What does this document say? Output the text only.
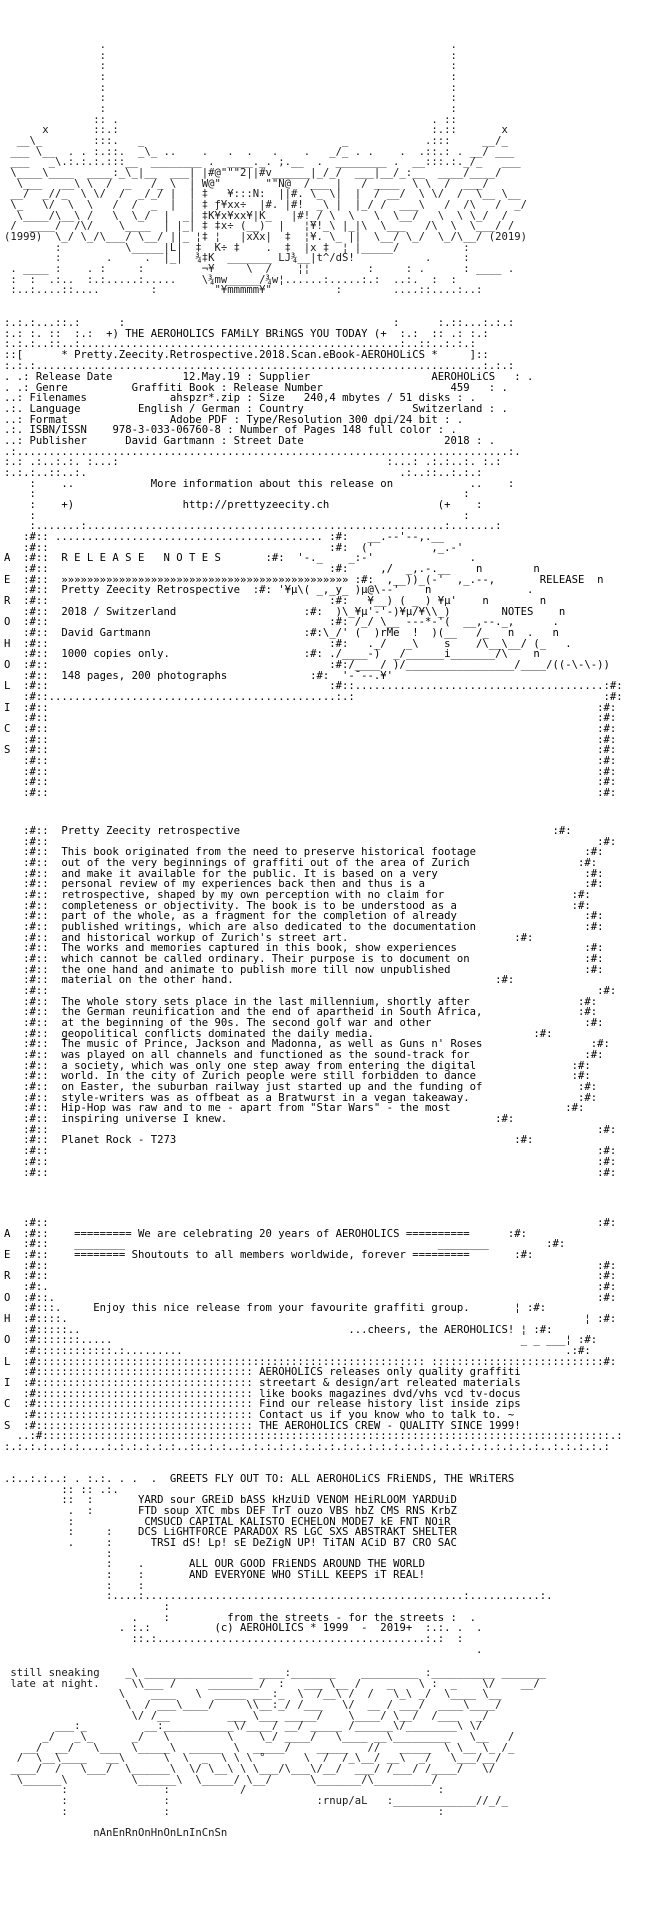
.                                                      .
:                                                      :
:                                                      :
:                                                      :
:                                                      :
:                                                      :
:                                                      :
:: .                                                 . ::
x       ::.:                                                 :.::       x
__\_        :::.   _                               _            .:::     __/_
___ \__  . . :.::.  _\_ ..    .   .  .   .    .   _/_ . .    .  .::.: . __/ ___
___   _\.:.:.:.:::__  ________ .  ____._. ;.__  .  ________ .  __:::.:._/_   ___
\____\____  ____:_\_|__  ___| |#@"""2||#v______|_/_/  ___|__/_:__  ____/____/
\___   __\ \  /  _   /_ \  | W@"       ""N@  /___ |   / ____  \ \  /  ___/
__/  _//_  \ \/  /  _/_/ |  | ‡   ¥:::N:  ||#. \_ \|  |  / __/  \ \/  /  \__ \__
\_   \/  \  \   /  /  _  |  | ‡ ƒ¥xx÷  |#. |#!  _\ |  |_/ /  ___\   /  /\   /  _/
\____/\__\ /   \  \_/  |  _| ‡K¥x¥xx¥|K_   |#!_/ \  \   \  \__/   \  \ \_/  /
/  ____/  /\/    \____  | |_| ‡ ‡x÷ (__)  |   ¦¥!_\ |_|\  \___   /\  \  \___/ /
(1999)  \_/ \_/\___/ \__/ ||_ ¦‡ ¦   |xXx|  ‡  ¦¥. \_ ||  \__/ \_/  \_/\__/ (2019)
:          \_____|L|  ‡  K÷ ‡    .  ‡  |x ‡  ¦ |_____/          :
:       .     .  |_|  ¾‡K  _______ LJ¾__|t^/dS!           .     :
. ____ :    . :     :         ¬¥     \  /    ¦¦         :     : .      : ____ .
:  :  .:..  :.:.....:.....    \¾mw_____/¾w¦......:.....:.:  ..:.  :  :
:..:....::....        :         "¥mmmmm¥"          :        ....::....:..:
:.:.:...::.:      :                                          :      :.::...:.:.:
:.: :. ::  :.:  +) THE AEROHOLICS FAMiLY BRiNGS YOU TODAY (+  :.:  :: .: :.:
:.:.:..::..:..................................................:..::..:.:.:
::[	* Pretty.Zeecity.Retrospective.2018.Scan.eBook-AEROHOLiCS *	]::
:.:.:......................................................................:.:.:
. .: Release Date	12.May.19 : Supplier	AEROHOLiCS   : .
. .: Genre	Graffiti Book : Release Number	459   : .
..: Filenames	ahspzr*.zip : Size 240,4 mbytes / 51 disks : .
.:. Language	English / German : Country	Switzerland : .
..: Format	Adobe PDF : Type/Resolution 300 dpi/24 bit : .
.:. ISBN/ISSN 978-3-033-06760-8 : Number of Pages 148 full color : .
..: Publisher	David Gartmann : Street Date	2018 : .
.:.............................................................................:.
:.: .:..:.:. :...:                                          :...: .:.:..:. :.:
:.:.:..::..:.                                                 .:..::..:.:.:
:    ..	More information about this release on	..    :
:                                                                   :
:    +)	http://prettyzeecity.ch	(+    :
:                                                                   :
:.......:........................................................:.......:
:#:: .......................................... :#:   __.--'--,.__
:#::                                            :#:  ('         ,_.-'
A  :#::  R E L E A S E   N O T E S	:#:  '-._    _:-'               .
:#::                                            :#:     ,/  _,.-.__    n        n
E  :#::  »»»»»»»»»»»»»»»»»»»»»»»»»»»»»»»»»»»»»»»»»»»»» :#:  ,__))_(-'  ,_.--,	RELEASE  n
:#::  Pretty Zeecity Retrospective  :#: '¥µ\( _,_y_ )µ@\--'    n               .
R  :#::                                            :#:   ¥__) ( _ ) ¥µ'    n        n
:#::  2018 / Switzerland                    :#:  )\_¥µ'-'-)¥µ/¥\\_)        NOTES    n
O  :#::                                            :#: /_/ \__ ---*-'(  __,--._,      .
:#::  David Gartmann	:#:\_/' (  )rMe  !  )(__   /_   n  .   n
H  :#::                                            :#:   ._/   _\    s    /\__\__/ (_   .
:#::  1000 copies only.	:#: ./____-)  _/______i_______/\    n
O  :#::                                            :#:/____/ )/_________________/____/((-\-\-))
:#::  148 pages, 200 photographs	:#:  '-¯--.¥'
L  :#::                                            :#::.......................................:#:
:#::.............................................:.:                                       :#:
I  :#::                                                                                      :#:
:#::                                                                                      :#:
C  :#::                                                                                      :#:
:#::                                                                                      :#:
S  :#::                                                                                      :#:
:#::                                                                                      :#:
:#::                                                                                      :#:
:#::                                                                                      :#:
:#::                                                                                      :#:
:#::  Pretty Zeecity retrospective	:#:
:#::                                                                                      :#:
:#::  This book originated from the need to preserve historical footage	:#:
:#::  out of the very beginnings of graffiti out of the area of Zurich	:#:
:#::  and make it available for the public. It is based on a very	:#:
:#::  personal review of my experiences back then and thus is a	:#:
:#::  retrospective, shaped by my own perception with no claim for	:#:
:#::  completeness or objectivity. The book is to be understood as a	:#:
:#::  part of the whole, as a fragment for the completion of already	:#:
:#::  published writings, which are also dedicated to the documentation	:#:
:#::  and historical workup of Zurich's street art.	:#:
:#::  The works and memories captured in this book, show experiences	:#:
:#::  which cannot be called ordinary. Their purpose is to document on	:#:
:#::  the one hand and animate to publish more till now unpublished	:#:
:#::  material on the other hand.	:#:
:#::                                                                                      :#:
:#::  The whole story sets place in the last millennium, shortly after	:#:
:#::  the German reunification and the end of apartheid in South Africa,	:#:
:#::  at the beginning of the 90s. The second golf war and other	:#:
:#::  geopolitical conflicts dominated the daily media.	:#:
:#::  The music of Prince, Jackson and Madonna, as well as Guns n' Roses	:#:
:#::  was played on all channels and functioned as the sound-track for	:#:
:#::  a society, which was only one step away from entering the digital	:#:
:#::  world. In the city of Zurich people were still forbidden to dance	:#:
:#::  on Easter, the suburban railway just started up and the funding of	:#:
:#::  style-writers was as offbeat as a Bratwurst in a vegan takeaway.	:#:
:#::  Hip-Hop was raw and to me - apart from "Star Wars" - the most	:#:
:#::  inspiring universe I knew.	:#:
:#::                                                                                      :#:
:#::  Planet Rock - T273	:#:
:#::                                                                                      :#:
:#::                                                                                      :#:
:#::                                                                                      :#:
:#::                                                                                      :#:
A  :#::    ========= We are celebrating 20 years of AEROHOLICS ==========	:#:
:#::    ________                                                 ________         :#:
E  :#::    ======== Shoutouts to all members worldwide, forever =========	:#:
:#::                                                                                      :#:
R  :#::                                                                                      :#:
:#:.                                                                                      :#:
O  :#::.                                                                                     :#:
:#:::.	Enjoy this nice release from your favourite graffiti group.	¦ :#:
H  :#::::.                                                                                 ¦ :#:
:#:::::..	...cheers, the AEROHOLICS! ¦ :#:
O  :#:::::::.....                                                                _ _ ___¦ :#:
:#::::::::::::.:.........                                                            .:#:
L  :#::::::::::::::::::::::::::::::::::::::::::::::::::::::::::::: :::::::::::::::::::::::::::#:
:#:::::::::::::::::::::::::::::::::: AEROHOLICS releases only quality graffiti
I  :#:::::::::::::::::::::::::::::::::: streetart & design/art releated materials
:#:::::::::::::::::::::::::::::::::: like books magazines dvd/vhs vcd tv-docus
C  :#:::::::::::::::::::::::::::::::::: Find our release history list inside zips
:#:::::::::::::::::::::::::::::::::: Contact us if you know who to talk to. ~
S  :#:::::::::::::::::::::::::::::::::: THE AEROHOLICS CREW - QUALITY SINCE 1999!
..:#:::::::::::::::::::::::::::::::::::::::::::::::::::::::::::::::::::::::::::::::::::::::::.:
:.:.:.:..:.:....:.:.:.:.:.:..::.:.:..:.:.:.:.:.:.:.:.:.:.:.:.:.:.:.:.:.:.:.:.:.:.:.:..:.:.:.:.:
.:..:.:..: . :.:. . .  .  GREETS FLY OUT TO: ALL AEROHOLiCS FRiENDS, THE WRiTERS
:: :: .:.
::  :	YARD sour GREiD bASS kHzUiD VENOM HEiRLOOM YARDUiD
.  :	FTD soup XTC mbs DEF TrT ouzo VBS hbZ CMS RNS KrbZ
:	CMSUCD CAPITAL KALISTO ECHELON MODE7 kE FNT NOiR
:     :    DCS LiGHTFORCE PARADOX RS LGC SXS ABSTRAKT SHELTER
.     :	TRSI dS! Lp! sE DeZigN UP! TiTAN ACiD B7 CRO SAC
:
:    .	ALL OUR GOOD FRiENDS AROUND THE WORLD
:    :	AND EVERYONE WHO STiLL KEEPS iT REAL!
:    :
:....:..................................................:...........:.
:
.    :	from the streets - for the streets :  .
. :.:	(c) AEROHOLICS * 1999  -  2019+  :.:. .  .
::.:..........................................:.:  :
.
still sneaking    _\ _________________ ____:_______    _________ :__________ _______
late at night.	\\___ /     ________/  :   ___ \__ /    _    \ :  _    \/    __/
\    ____   \  _____ ___:_  \  /__\ /  /   \_\ _/  \____ \__
\  / ___\____/     \\__:_/ /___   \/  __ / ___/  ____\____/
\/ /__         ___ \___ _____/    \____/ \__/  /___   _/
___:_         __:___________\/____/ __/ _____ /______\/________\ \/
_/   _\_      _/   \         \    \_/ ____/   \____ __\_________   \__   /
__/  __/   \___  \_____\  _____  \  _____/    _____   //   _____  \ \__ \_ /_
/  \__\____   __\      \  \  _  \ \ \ °      \  /  /_\__/ __\  _/   \___/__/
____/  /   \___/  \______\  \/ \__\ \ \___/\___\/__/  ___/ /___/ /____/   \/
\______\          \______\  \_____/ \__/      \_______/\_________/
:               :           /                              :
:               :	:rnup/aL   :_____________//_/_
:               :                                          :

nAnEnRnOnHnOnLnInCnSn
